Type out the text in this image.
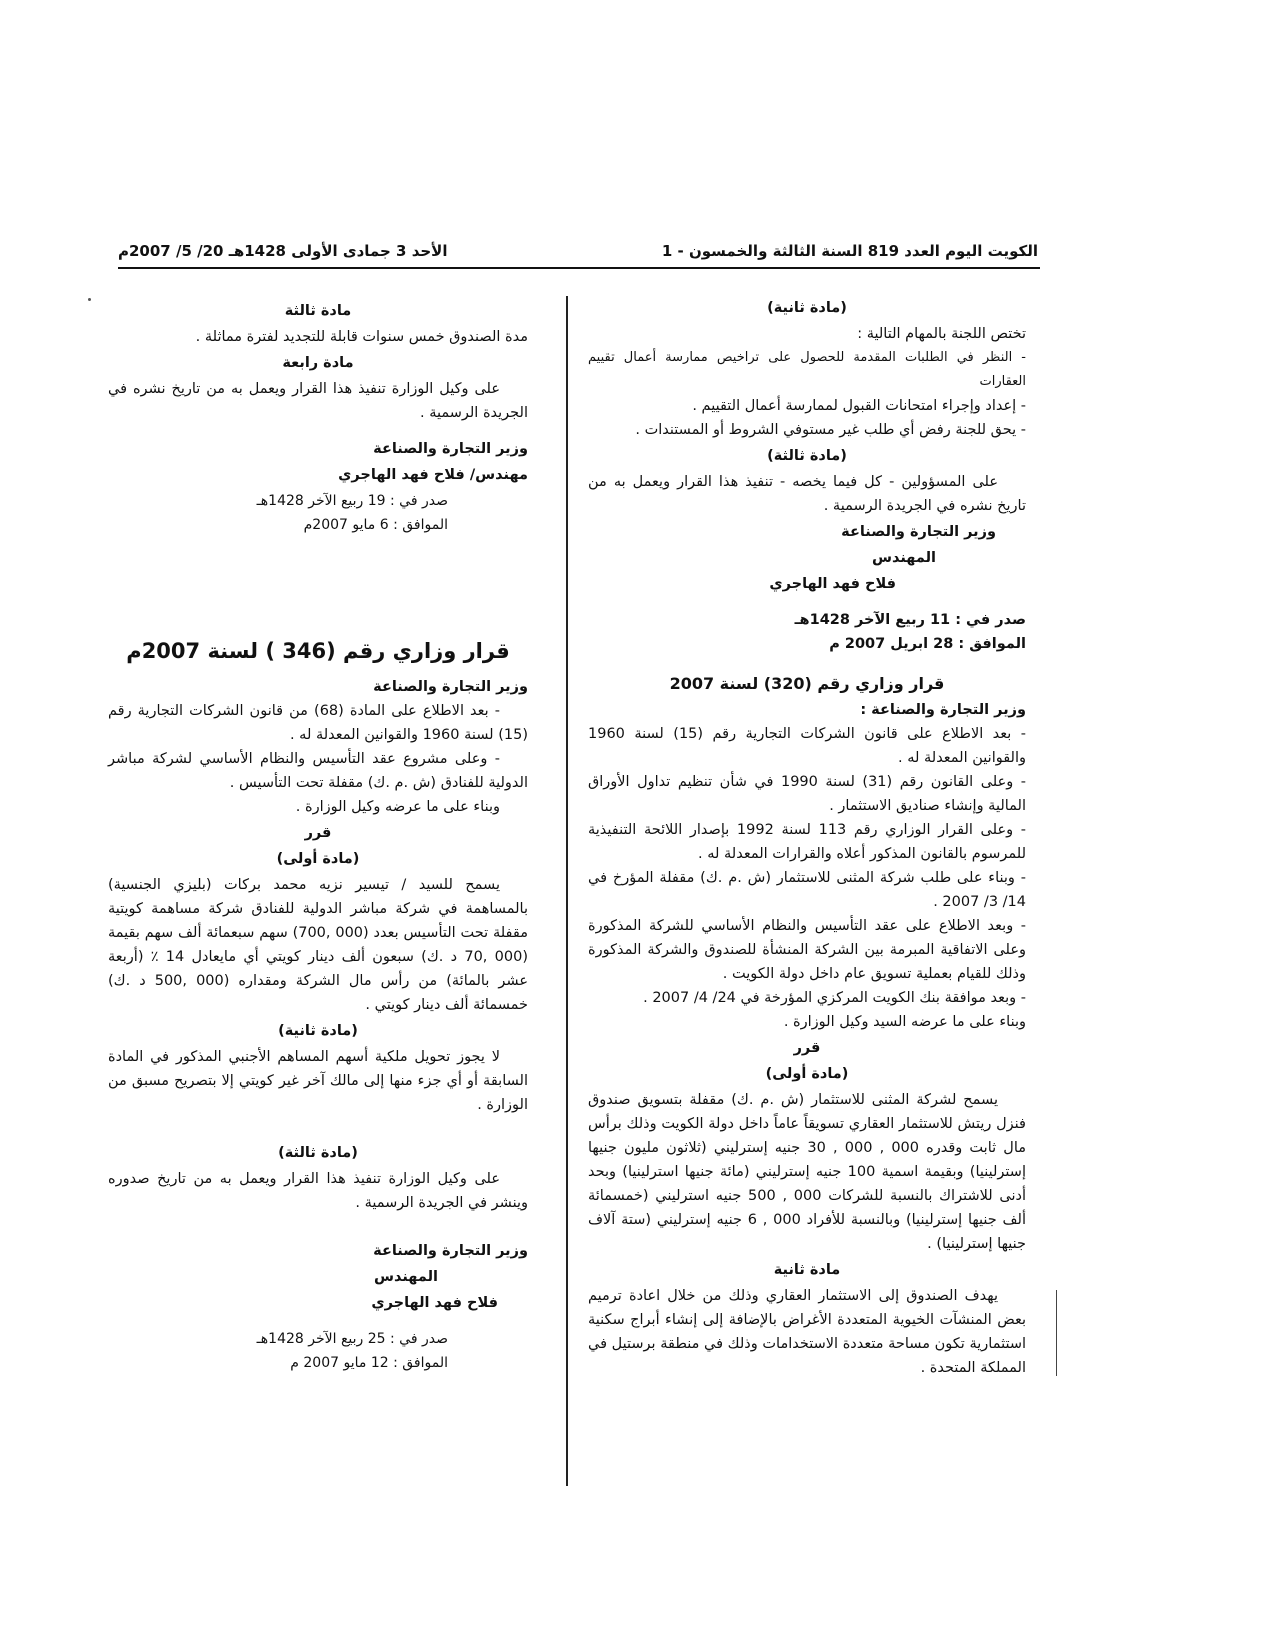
الكويت اليوم العدد 819 السنة الثالثة والخمسون - 1
الأحد 3 جمادى الأولى 1428هـ 20/ 5/ 2007م
(مادة ثانية)
تختص اللجنة بالمهام التالية :
- النظر في الطلبات المقدمة للحصول على تراخيص ممارسة أعمال تقييم العقارات
- إعداد وإجراء امتحانات القبول لممارسة أعمال التقييم .
- يحق للجنة رفض أي طلب غير مستوفي الشروط أو المستندات .
(مادة ثالثة)
على المسؤولين - كل فيما يخصه - تنفيذ هذا القرار ويعمل به من تاريخ نشره في الجريدة الرسمية .
وزير التجارة والصناعة
المهندس
فلاح فهد الهاجري
صدر في : 11 ربيع الآخر 1428هـ
الموافق : 28 ابريل 2007 م
قرار وزاري رقم (320) لسنة 2007
وزير التجارة والصناعة :
- بعد الاطلاع على قانون الشركات التجارية رقم (15) لسنة 1960 والقوانين المعدلة له .
- وعلى القانون رقم (31) لسنة 1990 في شأن تنظيم تداول الأوراق المالية وإنشاء صناديق الاستثمار .
- وعلى القرار الوزاري رقم 113 لسنة 1992 بإصدار اللائحة التنفيذية للمرسوم بالقانون المذكور أعلاه والقرارات المعدلة له .
- وبناء على طلب شركة المثنى للاستثمار (ش .م .ك) مقفلة المؤرخ في 14/ 3/ 2007 .
- وبعد الاطلاع على عقد التأسيس والنظام الأساسي للشركة المذكورة وعلى الاتفاقية المبرمة بين الشركة المنشأة للصندوق والشركة المذكورة وذلك للقيام بعملية تسويق عام داخل دولة الكويت .
- وبعد موافقة بنك الكويت المركزي المؤرخة في 24/ 4/ 2007 .
وبناء على ما عرضه السيد وكيل الوزارة .
قرر
(مادة أولى)
يسمح لشركة المثنى للاستثمار (ش .م .ك) مقفلة بتسويق صندوق فنزل ريتش للاستثمار العقاري تسويقاً عاماً داخل دولة الكويت وذلك برأس مال ثابت وقدره 000 , 000 , 30 جنيه إسترليني (ثلاثون مليون جنيها إسترلينيا) وبقيمة اسمية 100 جنيه إسترليني (مائة جنيها استرلينيا) وبحد أدنى للاشتراك بالنسبة للشركات 000 , 500 جنيه استرليني (خمسمائة ألف جنيها إسترلينيا) وبالنسبة للأفراد 000 , 6 جنيه إسترليني (ستة آلاف جنيها إسترلينيا) .
مادة ثانية
يهدف الصندوق إلى الاستثمار العقاري وذلك من خلال اعادة ترميم بعض المنشآت الخيوية المتعددة الأغراض بالإضافة إلى إنشاء أبراج سكنية استثمارية تكون مساحة متعددة الاستخدامات وذلك في منطقة برستيل في المملكة المتحدة .
مادة ثالثة
مدة الصندوق خمس سنوات قابلة للتجديد لفترة مماثلة .
مادة رابعة
على وكيل الوزارة تنفيذ هذا القرار ويعمل به من تاريخ نشره في الجريدة الرسمية .
وزير التجارة والصناعة
مهندس/ فلاح فهد الهاجري
صدر في : 19 ربيع الآخر 1428هـ
الموافق : 6 مايو 2007م
قرار وزاري رقم (346 ) لسنة 2007م
وزير التجارة والصناعة
- بعد الاطلاع على المادة (68) من قانون الشركات التجارية رقم (15) لسنة 1960 والقوانين المعدلة له .
- وعلى مشروع عقد التأسيس والنظام الأساسي لشركة مباشر الدولية للفنادق (ش .م .ك) مقفلة تحت التأسيس .
وبناء على ما عرضه وكيل الوزارة .
قرر
(مادة أولى)
يسمح للسيد / تيسير نزيه محمد بركات (بليزي الجنسية) بالمساهمة في شركة مباشر الدولية للفنادق شركة مساهمة كويتية مقفلة تحت التأسيس بعدد (000 ,700) سهم سبعمائة ألف سهم بقيمة (000 ,70 د .ك) سبعون ألف دينار كويتي أي مايعادل 14 ٪ (أربعة عشر بالمائة) من رأس مال الشركة ومقداره (000 ,500 د .ك) خمسمائة ألف دينار كويتي .
(مادة ثانية)
لا يجوز تحويل ملكية أسهم المساهم الأجنبي المذكور في المادة السابقة أو أي جزء منها إلى مالك آخر غير كويتي إلا بتصريح مسبق من الوزارة .
(مادة ثالثة)
على وكيل الوزارة تنفيذ هذا القرار ويعمل به من تاريخ صدوره وينشر في الجريدة الرسمية .
وزير التجارة والصناعة
المهندس
فلاح فهد الهاجري
صدر في : 25 ربيع الآخر 1428هـ
الموافق : 12 مايو 2007 م
